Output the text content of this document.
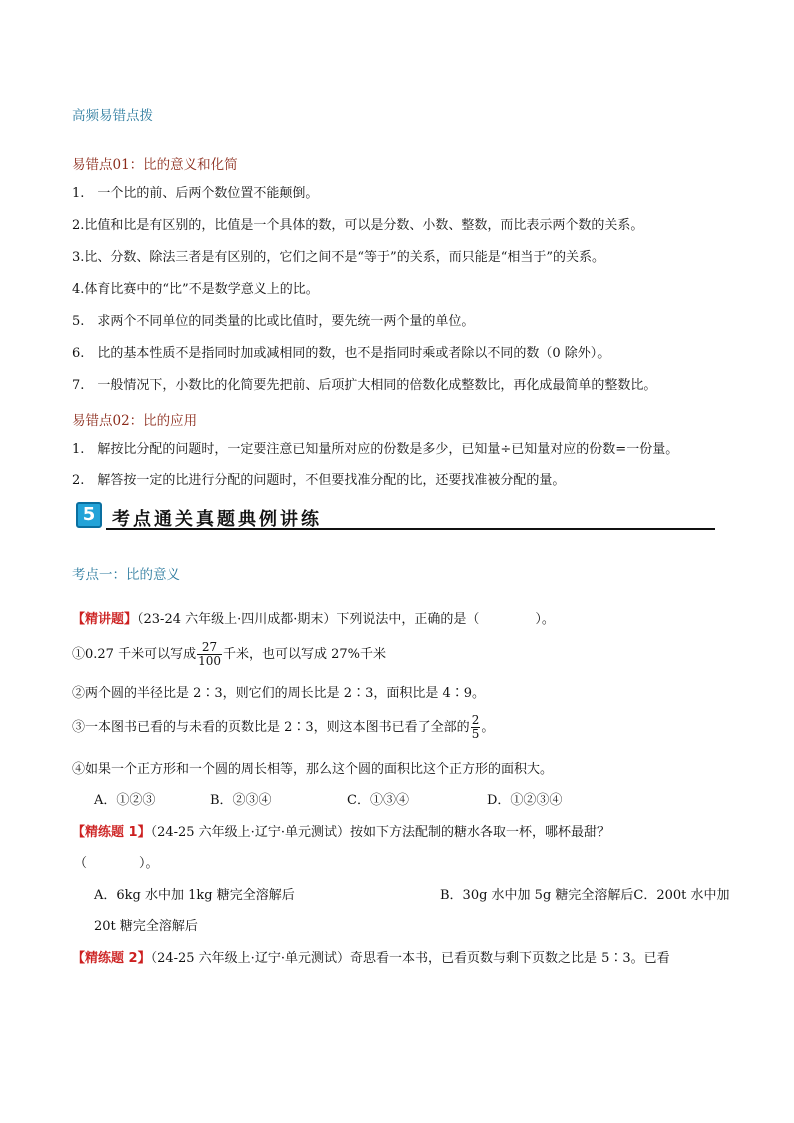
高频易错点拨
易错点01：比的意义和化简
1.　一个比的前、后两个数位置不能颠倒。
2.比值和比是有区别的，比值是一个具体的数，可以是分数、小数、整数，而比表示两个数的关系。
3.比、分数、除法三者是有区别的，它们之间不是“等于”的关系，而只能是“相当于”的关系。
4.体育比赛中的“比”不是数学意义上的比。
5.　求两个不同单位的同类量的比或比值时，要先统一两个量的单位。
6.　比的基本性质不是指同时加或减相同的数，也不是指同时乘或者除以不同的数（0 除外）。
7.　一般情况下，小数比的化简要先把前、后项扩大相同的倍数化成整数比，再化成最简单的整数比。
易错点02：比的应用
1.　解按比分配的问题时，一定要注意已知量所对应的份数是多少，已知量÷已知量对应的份数=一份量。
2.　解答按一定的比进行分配的问题时，不但要找准分配的比，还要找准被分配的量。
5 考点通关真题典例讲练
考点一：比的意义
【精讲题】（23-24 六年级上·四川成都·期末）下列说法中，正确的是（	）。
①0.27 千米可以写成 $\frac{27}{100}$ 千米，也可以写成 27%千米
②两个圆的半径比是 2∶3，则它们的周长比是 2∶3，面积比是 4∶9。
③一本图书已看的与未看的页数比是 2∶3，则这本图书已看了全部的 $\frac{2}{5}$ 。
④如果一个正方形和一个圆的周长相等，那么这个圆的面积比这个正方形的面积大。
A．①②③	B．②③④	C．①③④	D．①②③④
【精练题 1】（24-25 六年级上·辽宁·单元测试）按如下方法配制的糖水各取一杯，哪杯最甜？
（　　　　）。
A．6kg 水中加 1kg 糖完全溶解后	B．30g 水中加 5g 糖完全溶解后C．200t 水中加
20t 糖完全溶解后
【精练题 2】（24-25 六年级上·辽宁·单元测试）奇思看一本书，已看页数与剩下页数之比是 5∶3。已看
